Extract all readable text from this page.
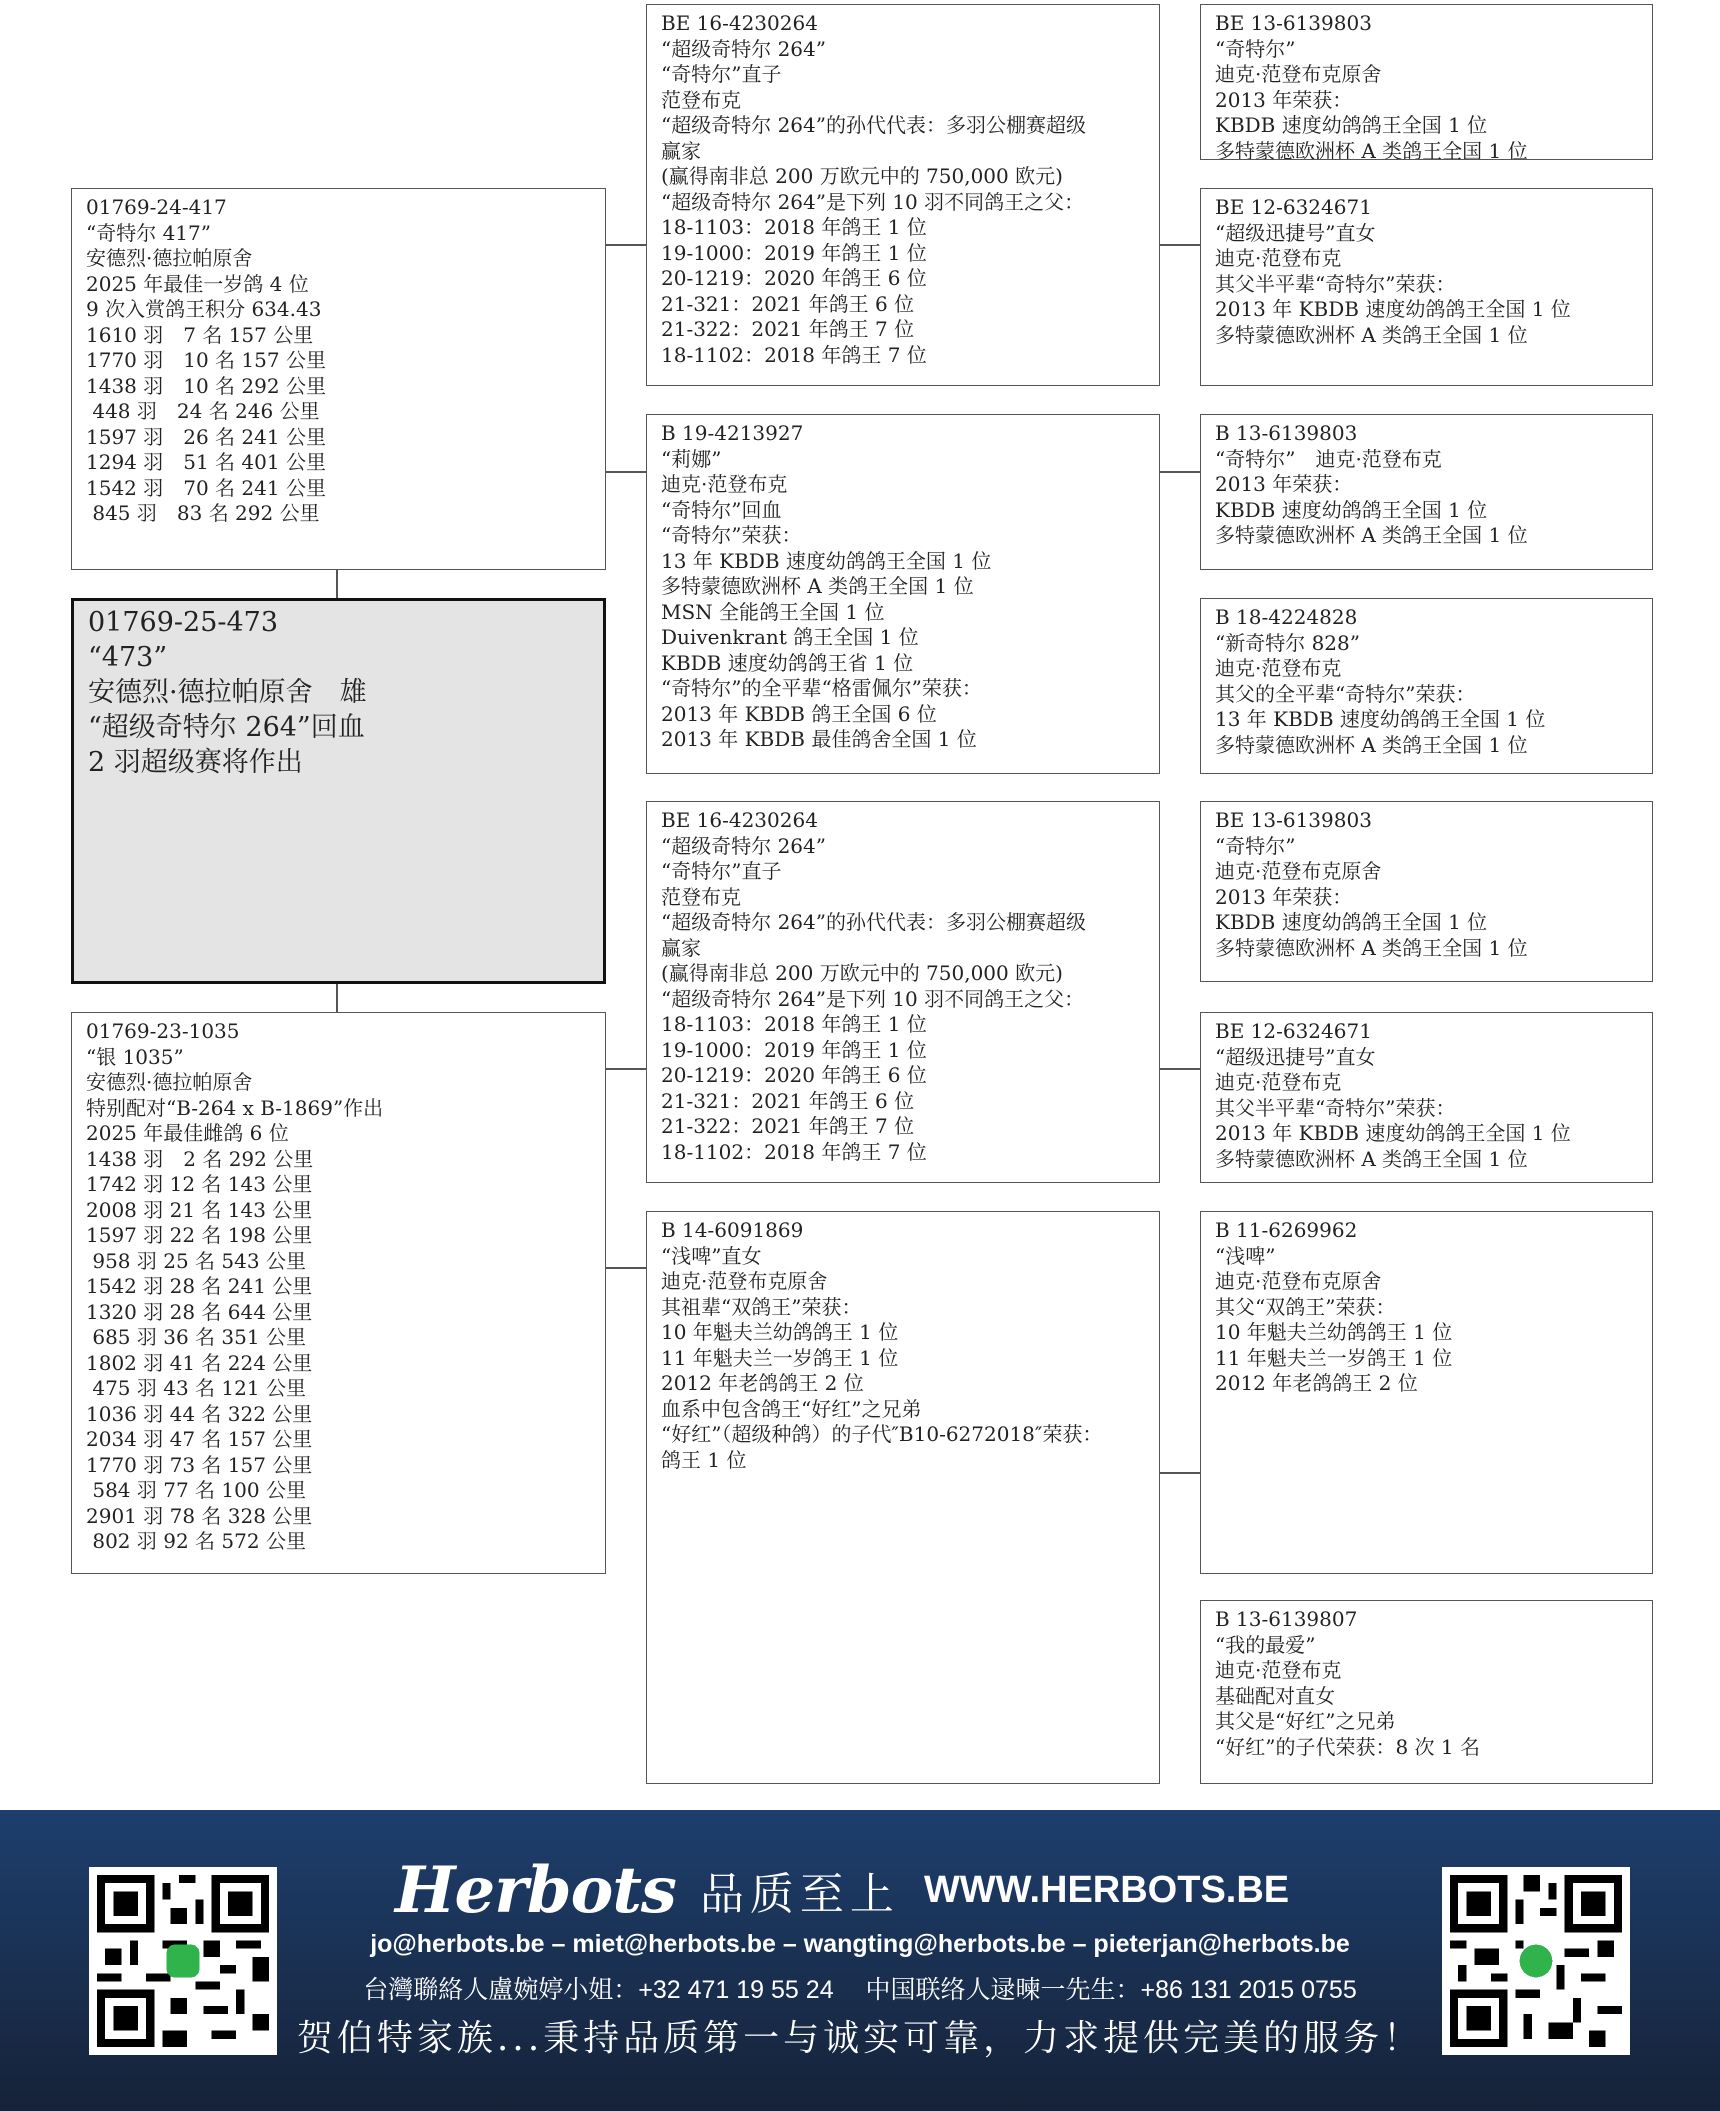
01769-24-417
“奇特尔 417”
安德烈·德拉帕原舍
2025 年最佳一岁鸽 4 位
9 次入赏鸽王积分 634.43
1610 羽　7 名 157 公里
1770 羽　10 名 157 公里
1438 羽　10 名 292 公里
448 羽　24 名 246 公里
1597 羽　26 名 241 公里
1294 羽　51 名 401 公里
1542 羽　70 名 241 公里
845 羽　83 名 292 公里
01769-25-473
“473”
安德烈·德拉帕原舍　雄
“超级奇特尔 264”回血
2 羽超级赛将作出
01769-23-1035
“银 1035”
安德烈·德拉帕原舍
特别配对“B-264 x B-1869”作出
2025 年最佳雌鸽 6 位
1438 羽　2 名 292 公里
1742 羽 12 名 143 公里
2008 羽 21 名 143 公里
1597 羽 22 名 198 公里
958 羽 25 名 543 公里
1542 羽 28 名 241 公里
1320 羽 28 名 644 公里
685 羽 36 名 351 公里
1802 羽 41 名 224 公里
475 羽 43 名 121 公里
1036 羽 44 名 322 公里
2034 羽 47 名 157 公里
1770 羽 73 名 157 公里
584 羽 77 名 100 公里
2901 羽 78 名 328 公里
802 羽 92 名 572 公里
BE 16-4230264
“超级奇特尔 264”
“奇特尔”直子
范登布克
“超级奇特尔 264”的孙代代表：多羽公棚赛超级
赢家
(赢得南非总 200 万欧元中的 750,000 欧元)
“超级奇特尔 264”是下列 10 羽不同鸽王之父：
18-1103：2018 年鸽王 1 位
19-1000：2019 年鸽王 1 位
20-1219：2020 年鸽王 6 位
21-321：2021 年鸽王 6 位
21-322：2021 年鸽王 7 位
18-1102：2018 年鸽王 7 位
B 19-4213927
“莉娜”
迪克·范登布克
“奇特尔”回血
“奇特尔”荣获：
13 年 KBDB 速度幼鸽鸽王全国 1 位
多特蒙德欧洲杯 A 类鸽王全国 1 位
MSN 全能鸽王全国 1 位
Duivenkrant 鸽王全国 1 位
KBDB 速度幼鸽鸽王省 1 位
“奇特尔”的全平辈“格雷佩尔”荣获：
2013 年 KBDB 鸽王全国 6 位
2013 年 KBDB 最佳鸽舍全国 1 位
BE 16-4230264
“超级奇特尔 264”
“奇特尔”直子
范登布克
“超级奇特尔 264”的孙代代表：多羽公棚赛超级
赢家
(赢得南非总 200 万欧元中的 750,000 欧元)
“超级奇特尔 264”是下列 10 羽不同鸽王之父：
18-1103：2018 年鸽王 1 位
19-1000：2019 年鸽王 1 位
20-1219：2020 年鸽王 6 位
21-321：2021 年鸽王 6 位
21-322：2021 年鸽王 7 位
18-1102：2018 年鸽王 7 位
B 14-6091869
“浅啤”直女
迪克·范登布克原舍
其祖辈“双鸽王”荣获：
10 年魁夫兰幼鸽鸽王 1 位
11 年魁夫兰一岁鸽王 1 位
2012 年老鸽鸽王 2 位
血系中包含鸽王“好红”之兄弟
“好红”（超级种鸽）的子代″B10-6272018″荣获：
鸽王 1 位
BE 13-6139803
“奇特尔”
迪克·范登布克原舍
2013 年荣获：
KBDB 速度幼鸽鸽王全国 1 位
多特蒙德欧洲杯 A 类鸽王全国 1 位
BE 12-6324671
“超级迅捷号”直女
迪克·范登布克
其父半平辈“奇特尔”荣获：
2013 年 KBDB 速度幼鸽鸽王全国 1 位
多特蒙德欧洲杯 A 类鸽王全国 1 位
B 13-6139803
“奇特尔”　迪克·范登布克
2013 年荣获：
KBDB 速度幼鸽鸽王全国 1 位
多特蒙德欧洲杯 A 类鸽王全国 1 位
B 18-4224828
“新奇特尔 828”
迪克·范登布克
其父的全平辈“奇特尔”荣获：
13 年 KBDB 速度幼鸽鸽王全国 1 位
多特蒙德欧洲杯 A 类鸽王全国 1 位
BE 13-6139803
“奇特尔”
迪克·范登布克原舍
2013 年荣获：
KBDB 速度幼鸽鸽王全国 1 位
多特蒙德欧洲杯 A 类鸽王全国 1 位
BE 12-6324671
“超级迅捷号”直女
迪克·范登布克
其父半平辈“奇特尔”荣获：
2013 年 KBDB 速度幼鸽鸽王全国 1 位
多特蒙德欧洲杯 A 类鸽王全国 1 位
B 11-6269962
“浅啤”
迪克·范登布克原舍
其父“双鸽王”荣获：
10 年魁夫兰幼鸽鸽王 1 位
11 年魁夫兰一岁鸽王 1 位
2012 年老鸽鸽王 2 位
B 13-6139807
“我的最爱”
迪克·范登布克
基础配对直女
其父是“好红”之兄弟
“好红”的子代荣获：8 次 1 名
Herbots 品质至上 WWW.HERBOTS.BE
jo@herbots.be – miet@herbots.be – wangting@herbots.be – pieterjan@herbots.be
台灣聯絡人盧婉婷小姐：+32 471 19 55 24　 中国联络人逯暕一先生：+86 131 2015 0755
贺伯特家族...秉持品质第一与诚实可靠，力求提供完美的服务！
